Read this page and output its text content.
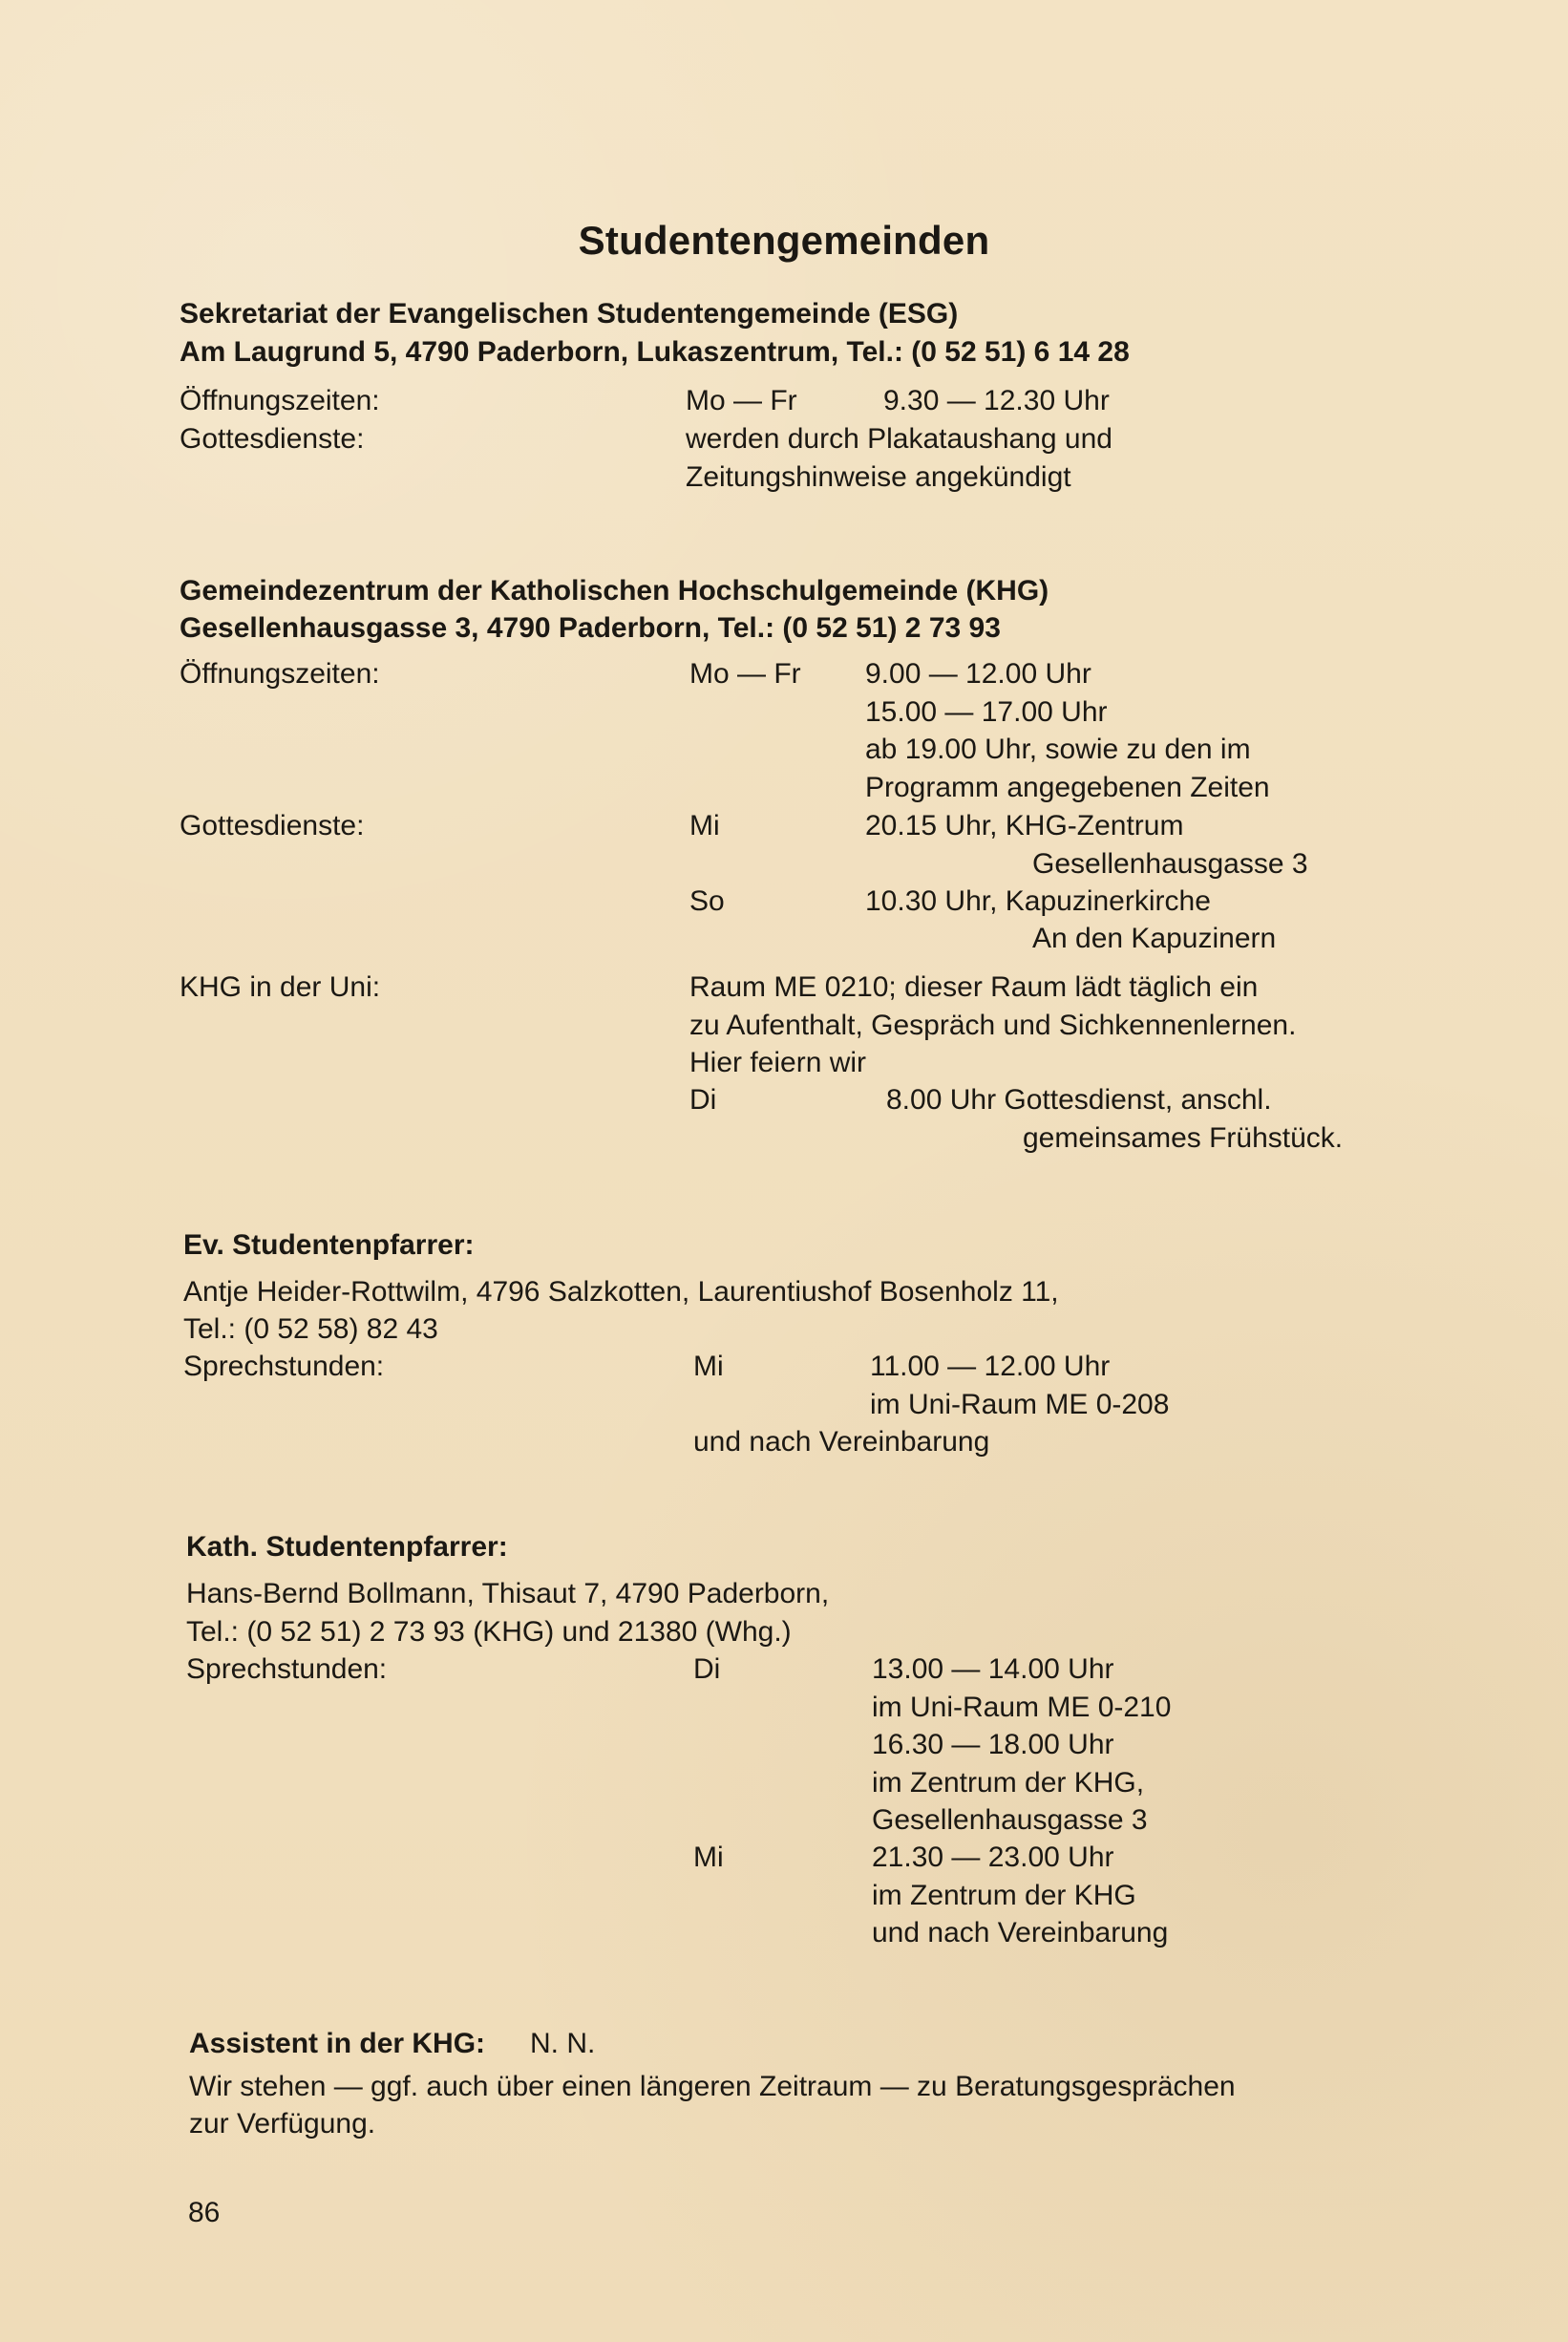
Studentengemeinden
Sekretariat der Evangelischen Studentengemeinde (ESG)
Am Laugrund 5, 4790 Paderborn, Lukaszentrum, Tel.: (0 52 51) 6 14 28
Öffnungszeiten:	Mo — Fr	9.30 — 12.30 Uhr
Gottesdienste:	werden durch Plakataushang und
Zeitungshinweise angekündigt
Gemeindezentrum der Katholischen Hochschulgemeinde (KHG)
Gesellenhausgasse 3, 4790 Paderborn, Tel.: (0 52 51) 2 73 93
Öffnungszeiten:	Mo — Fr 9.00 — 12.00 Uhr
15.00 — 17.00 Uhr
ab 19.00 Uhr, sowie zu den im
Programm angegebenen Zeiten
Gottesdienste:	Mi	20.15 Uhr, KHG-Zentrum
Gesellenhausgasse 3
So	10.30 Uhr, Kapuzinerkirche
An den Kapuzinern
KHG in der Uni:	Raum ME 0210; dieser Raum lädt täglich ein
zu Aufenthalt, Gespräch und Sichkennenlernen.
Hier feiern wir
Di	8.00 Uhr Gottesdienst, anschl.
gemeinsames Frühstück.
Ev. Studentenpfarrer:
Antje Heider-Rottwilm, 4796 Salzkotten, Laurentiushof Bosenholz 11,
Tel.: (0 52 58) 82 43
Sprechstunden:	Mi	11.00 — 12.00 Uhr
im Uni-Raum ME 0-208
und nach Vereinbarung
Kath. Studentenpfarrer:
Hans-Bernd Bollmann, Thisaut 7, 4790 Paderborn,
Tel.: (0 52 51) 2 73 93 (KHG) und 21380 (Whg.)
Sprechstunden:	Di	13.00 — 14.00 Uhr
im Uni-Raum ME 0-210
16.30 — 18.00 Uhr
im Zentrum der KHG,
Gesellenhausgasse 3
Mi	21.30 — 23.00 Uhr
im Zentrum der KHG
und nach Vereinbarung
Assistent in der KHG: N. N.
Wir stehen — ggf. auch über einen längeren Zeitraum — zu Beratungsgesprächen
zur Verfügung.
86
